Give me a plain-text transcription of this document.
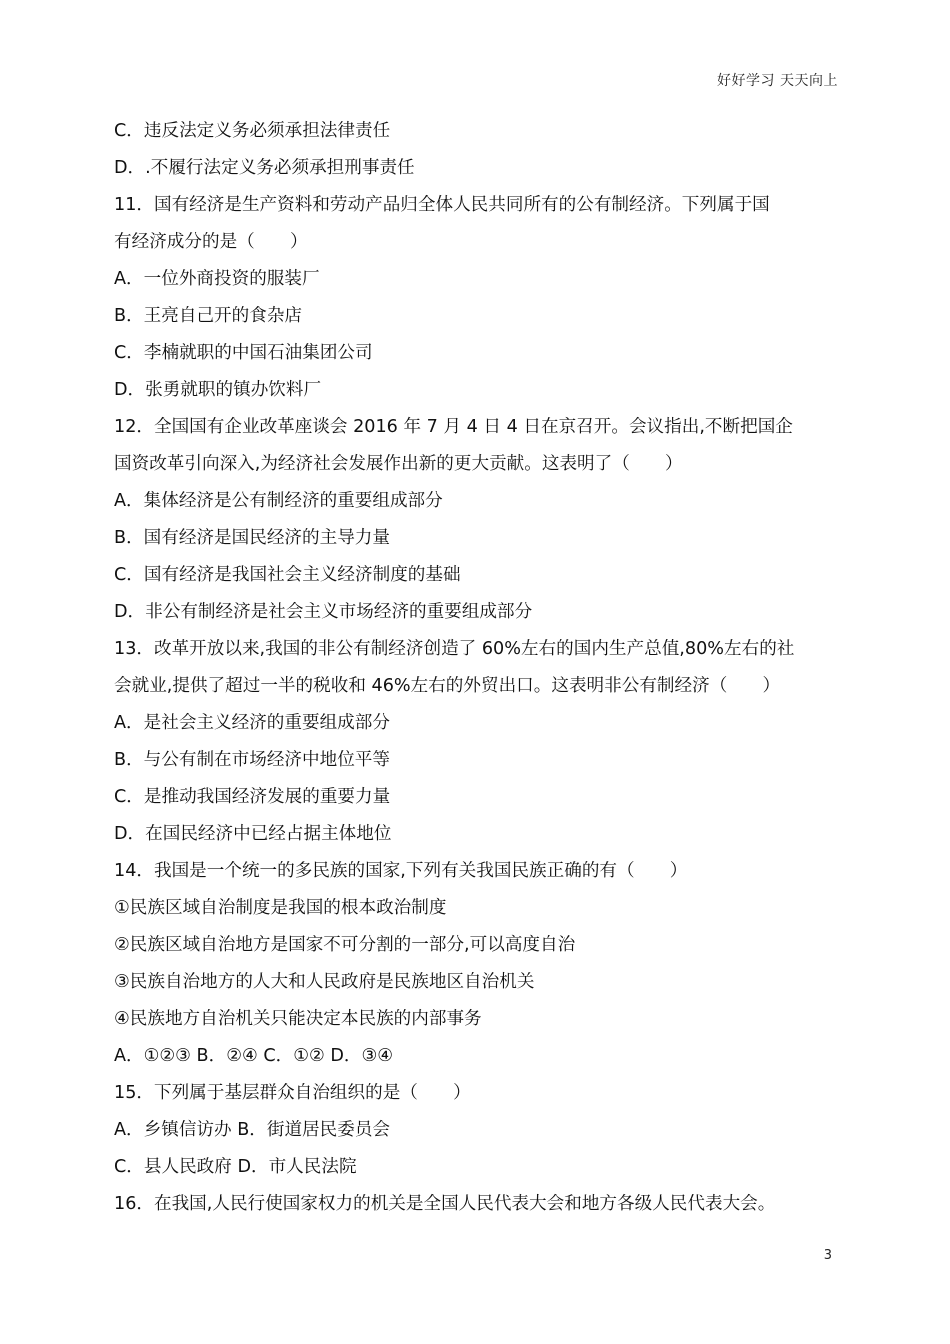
好好学习 天天向上
C．违反法定义务必须承担法律责任
D．.不履行法定义务必须承担刑事责任
11．国有经济是生产资料和劳动产品归全体人民共同所有的公有制经济。下列属于国
有经济成分的是（　　）
A．一位外商投资的服装厂
B．王亮自己开的食杂店
C．李楠就职的中国石油集团公司
D．张勇就职的镇办饮料厂
12．全国国有企业改革座谈会 2016 年 7 月 4 日 4 日在京召开。会议指出,不断把国企
国资改革引向深入,为经济社会发展作出新的更大贡献。这表明了（　　）
A．集体经济是公有制经济的重要组成部分
B．国有经济是国民经济的主导力量
C．国有经济是我国社会主义经济制度的基础
D．非公有制经济是社会主义市场经济的重要组成部分
13．改革开放以来,我国的非公有制经济创造了 60%左右的国内生产总值,80%左右的社
会就业,提供了超过一半的税收和 46%左右的外贸出口。这表明非公有制经济（　　）
A．是社会主义经济的重要组成部分
B．与公有制在市场经济中地位平等
C．是推动我国经济发展的重要力量
D．在国民经济中已经占据主体地位
14．我国是一个统一的多民族的国家,下列有关我国民族正确的有（　　）
①民族区域自治制度是我国的根本政治制度
②民族区域自治地方是国家不可分割的一部分,可以高度自治
③民族自治地方的人大和人民政府是民族地区自治机关
④民族地方自治机关只能决定本民族的内部事务
A．①②③ B．②④ C．①② D．③④
15．下列属于基层群众自治组织的是（　　）
A．乡镇信访办 B．街道居民委员会
C．县人民政府 D．市人民法院
16．在我国,人民行使国家权力的机关是全国人民代表大会和地方各级人民代表大会。
3
